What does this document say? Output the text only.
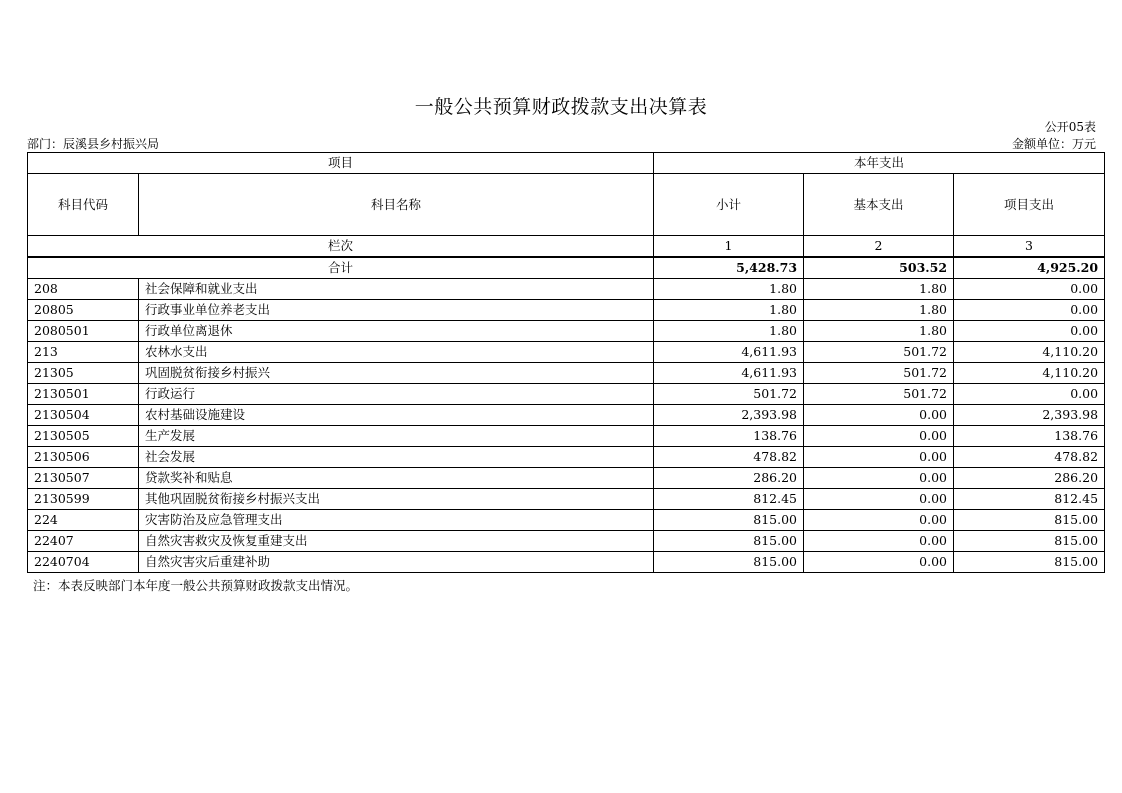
一般公共预算财政拨款支出决算表
公开05表
部门：辰溪县乡村振兴局	金额单位：万元
项目		本年支出		
科目代码	科目名称	小计	基本支出	项目支出
栏次		1	2	3
合计		5,428.73	503.52	4,925.20
208	社会保障和就业支出	1.80	1.80	0.00
20805	行政事业单位养老支出	1.80	1.80	0.00
2080501	行政单位离退休	1.80	1.80	0.00
213	农林水支出	4,611.93	501.72	4,110.20
21305	巩固脱贫衔接乡村振兴	4,611.93	501.72	4,110.20
2130501	行政运行	501.72	501.72	0.00
2130504	农村基础设施建设	2,393.98	0.00	2,393.98
2130505	生产发展	138.76	0.00	138.76
2130506	社会发展	478.82	0.00	478.82
2130507	贷款奖补和贴息	286.20	0.00	286.20
2130599	其他巩固脱贫衔接乡村振兴支出	812.45	0.00	812.45
224	灾害防治及应急管理支出	815.00	0.00	815.00
22407	自然灾害救灾及恢复重建支出	815.00	0.00	815.00
2240704	自然灾害灾后重建补助	815.00	0.00	815.00
注：本表反映部门本年度一般公共预算财政拨款支出情况。
